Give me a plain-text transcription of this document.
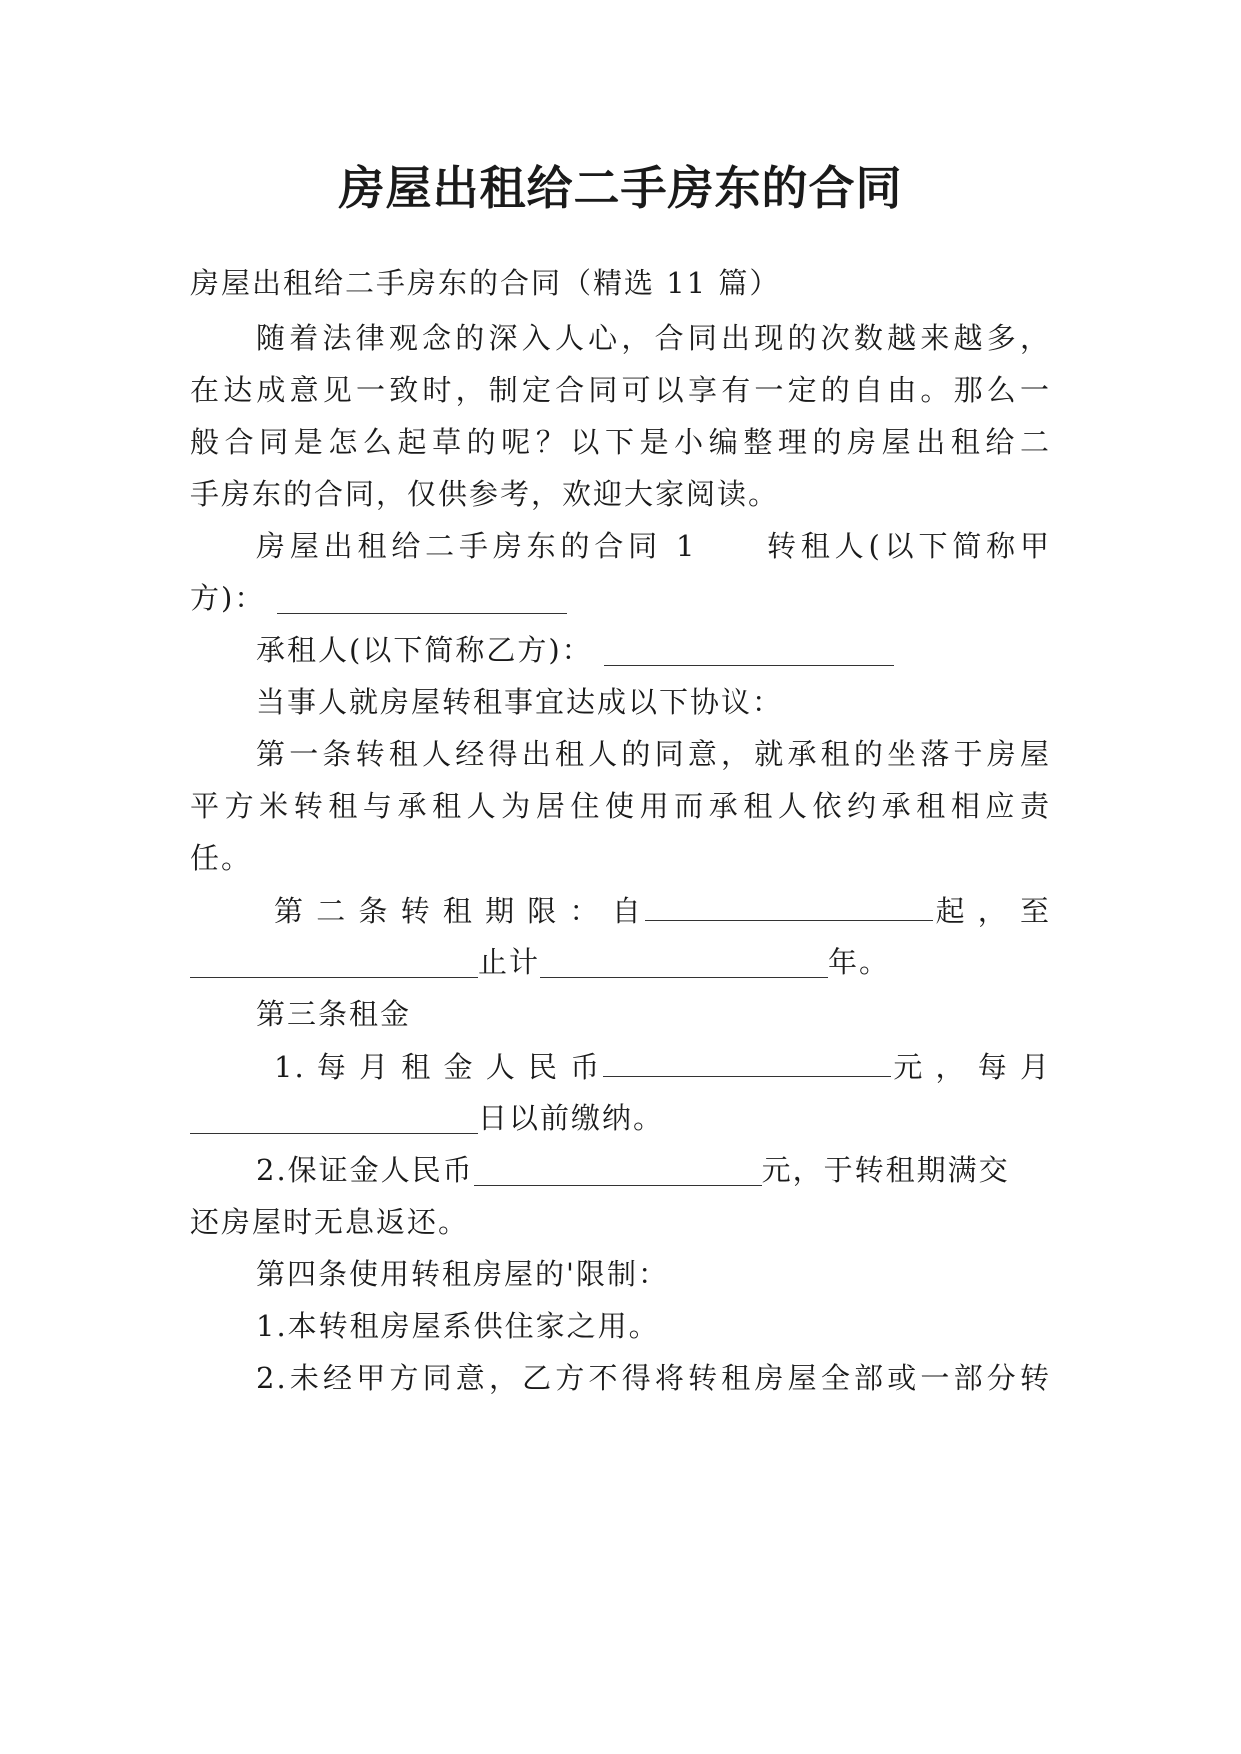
房屋出租给二手房东的合同
房屋出租给二手房东的合同（精选 11 篇）
随着法律观念的深入人心，合同出现的次数越来越多，
在达成意见一致时，制定合同可以享有一定的自由。那么一
般合同是怎么起草的呢？以下是小编整理的房屋出租给二
手房东的合同，仅供参考，欢迎大家阅读。
房屋出租给二手房东的合同 1　　转租人(以下简称甲
方)：
承租人(以下简称乙方)：
当事人就房屋转租事宜达成以下协议：
第一条转租人经得出租人的同意，就承租的坐落于房屋
平方米转租与承租人为居住使用而承租人依约承租相应责
任。
第 二 条 转 租 期 限 ： 自	起 ， 至
止计	年。
第三条租金
1. 每 月 租 金 人 民 币	元 ， 每 月
日以前缴纳。
2.保证金人民币	元，于转租期满交
还房屋时无息返还。
第四条使用转租房屋的'限制：
1.本转租房屋系供住家之用。
2.未经甲方同意，乙方不得将转租房屋全部或一部分转
